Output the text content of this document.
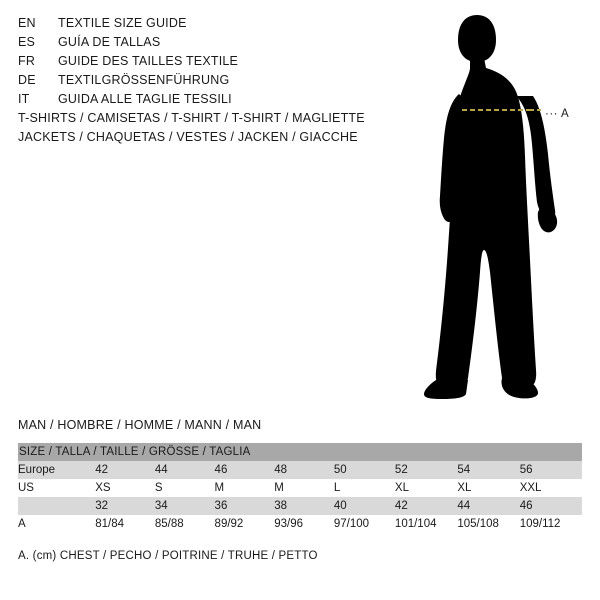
EN	TEXTILE SIZE GUIDE
ES	GUÍA DE TALLAS
FR	GUIDE DES TAILLES TEXTILE
DE	TEXTILGRÖSSENFÜHRUNG
IT	GUIDA ALLE TAGLIE TESSILI
T-SHIRTS / CAMISETAS / T-SHIRT / T-SHIRT / MAGLIETTE
JACKETS / CHAQUETAS / VESTES / JACKEN / GIACCHE
··· A
MAN / HOMBRE / HOMME / MANN / MAN
SIZE / TALLA / TAILLE / GRÖSSE / TAGLIA								
Europe	42	44	46	48	50	52	54	56
US	XS	S	M	M	L	XL	XL	XXL
	32	34	36	38	40	42	44	46
A	81/84	85/88	89/92	93/96	97/100	101/104	105/108	109/112
A. (cm) CHEST / PECHO / POITRINE / TRUHE / PETTO
